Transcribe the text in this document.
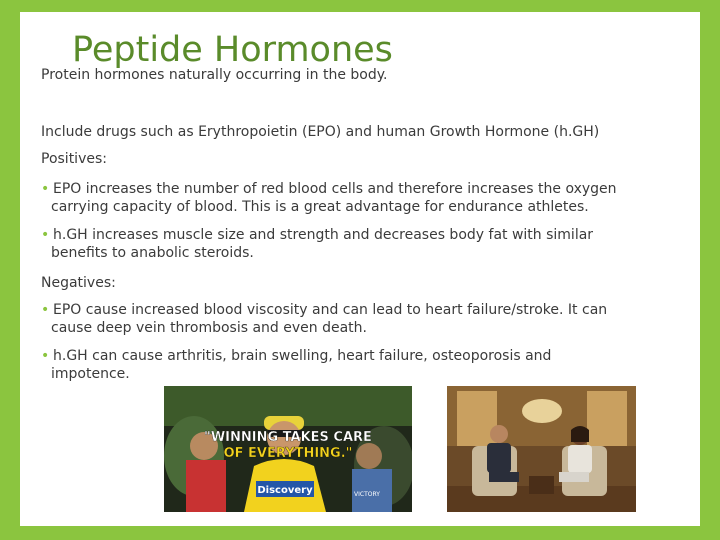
Peptide Hormones
Protein hormones naturally occurring in the body.
Include drugs such as Erythropoietin (EPO) and human Growth Hormone (h.GH)
Positives:
• EPO increases the number of red blood cells and therefore increases the oxygen
carrying capacity of blood. This is a great advantage for endurance athletes.
• h.GH increases muscle size and strength and decreases body fat with similar
benefits to anabolic steroids.
Negatives:
• EPO cause increased blood viscosity and can lead to heart failure/stroke. It can
cause deep vein thrombosis and even death.
• h.GH can cause arthritis, brain swelling, heart failure, osteoporosis and
impotence.
Discovery
"WINNING TAKES CARE
OF EVERYTHING."
VICTORY
